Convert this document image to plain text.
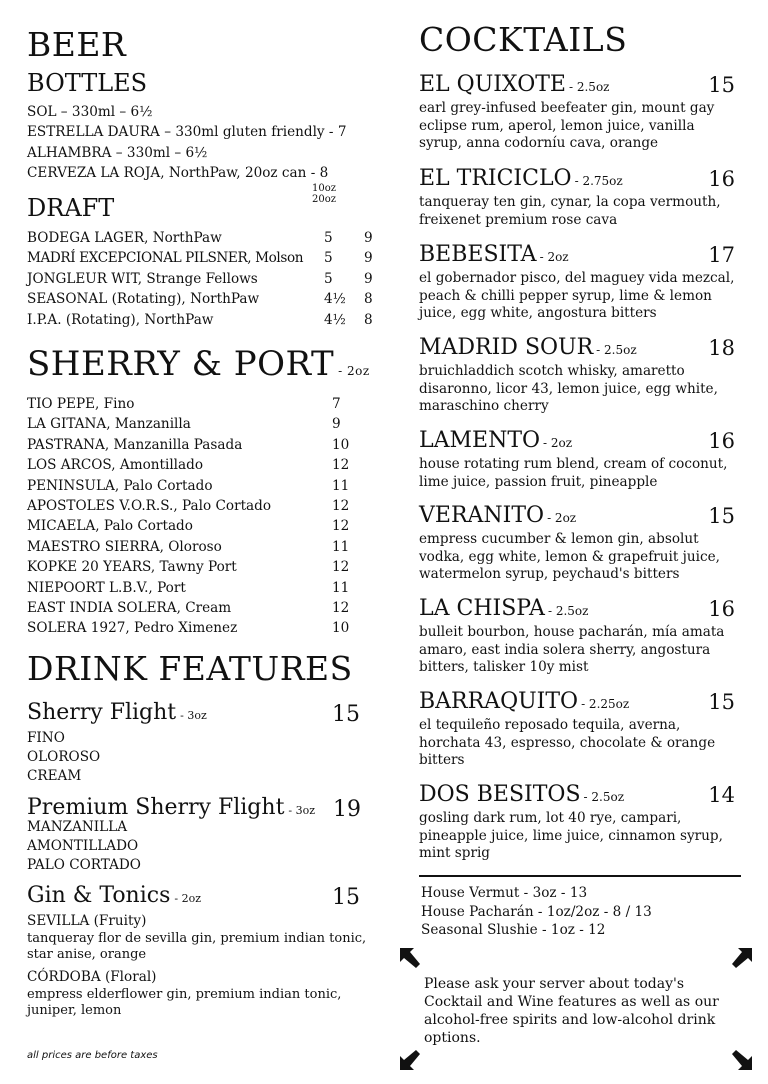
BEER
BOTTLES
SOL – 330ml – 6½
ESTRELLA DAURA – 330ml gluten friendly - 7
ALHAMBRA – 330ml – 6½
CERVEZA LA ROJA, NorthPaw, 20oz can - 8
10oz20oz
DRAFT
BODEGA LAGER, NorthPaw	5 9
MADRÍ EXCEPCIONAL PILSNER, Molson 5 9
JONGLEUR WIT, Strange Fellows	5 9
SEASONAL (Rotating), NorthPaw	4½ 8
I.P.A. (Rotating), NorthPaw	4½ 8
SHERRY & PORT - 2oz
TIO PEPE, Fino	7
LA GITANA, Manzanilla	9
PASTRANA, Manzanilla Pasada	10
LOS ARCOS, Amontillado	12
PENINSULA, Palo Cortado	11
APOSTOLES V.O.R.S., Palo Cortado	12
MICAELA, Palo Cortado	12
MAESTRO SIERRA, Oloroso	11
KOPKE 20 YEARS, Tawny Port	12
NIEPOORT L.B.V., Port	11
EAST INDIA SOLERA, Cream	12
SOLERA 1927, Pedro Ximenez	10
DRINK FEATURES
Sherry Flight - 3oz	15
FINO
OLOROSO
CREAM
Premium Sherry Flight - 3oz 19
MANZANILLA
AMONTILLADO
PALO CORTADO
Gin & Tonics - 2oz	15
SEVILLA (Fruity)
tanqueray flor de sevilla gin, premium indian tonic, star anise, orange
CÓRDOBA (Floral)
empress elderflower gin, premium indian tonic, juniper, lemon
all prices are before taxes
COCKTAILS
EL QUIXOTE - 2.5oz	15
earl grey-infused beefeater gin, mount gay eclipse rum, aperol, lemon juice, vanilla syrup, anna codorníu cava, orange
EL TRICICLO - 2.75oz	16
tanqueray ten gin, cynar, la copa vermouth, freixenet premium rose cava
BEBESITA - 2oz	17
el gobernador pisco, del maguey vida mezcal, peach & chilli pepper syrup, lime & lemon juice, egg white, angostura bitters
MADRID SOUR - 2.5oz	18
bruichladdich scotch whisky, amaretto disaronno, licor 43, lemon juice, egg white, maraschino cherry
LAMENTO - 2oz	16
house rotating rum blend, cream of coconut, lime juice, passion fruit, pineapple
VERANITO - 2oz	15
empress cucumber & lemon gin, absolut vodka, egg white, lemon & grapefruit juice, watermelon syrup, peychaud's bitters
LA CHISPA - 2.5oz	16
bulleit bourbon, house pacharán, mía amata amaro, east india solera sherry, angostura bitters, talisker 10y mist
BARRAQUITO - 2.25oz	15
el tequileño reposado tequila, averna, horchata 43, espresso, chocolate & orange bitters
DOS BESITOS - 2.5oz	14
gosling dark rum, lot 40 rye, campari, pineapple juice, lime juice, cinnamon syrup, mint sprig
House Vermut - 3oz - 13
House Pacharán - 1oz/2oz - 8 / 13
Seasonal Slushie - 1oz - 12
Please ask your server about today's Cocktail and Wine features as well as our alcohol-free spirits and low-alcohol drink options.
